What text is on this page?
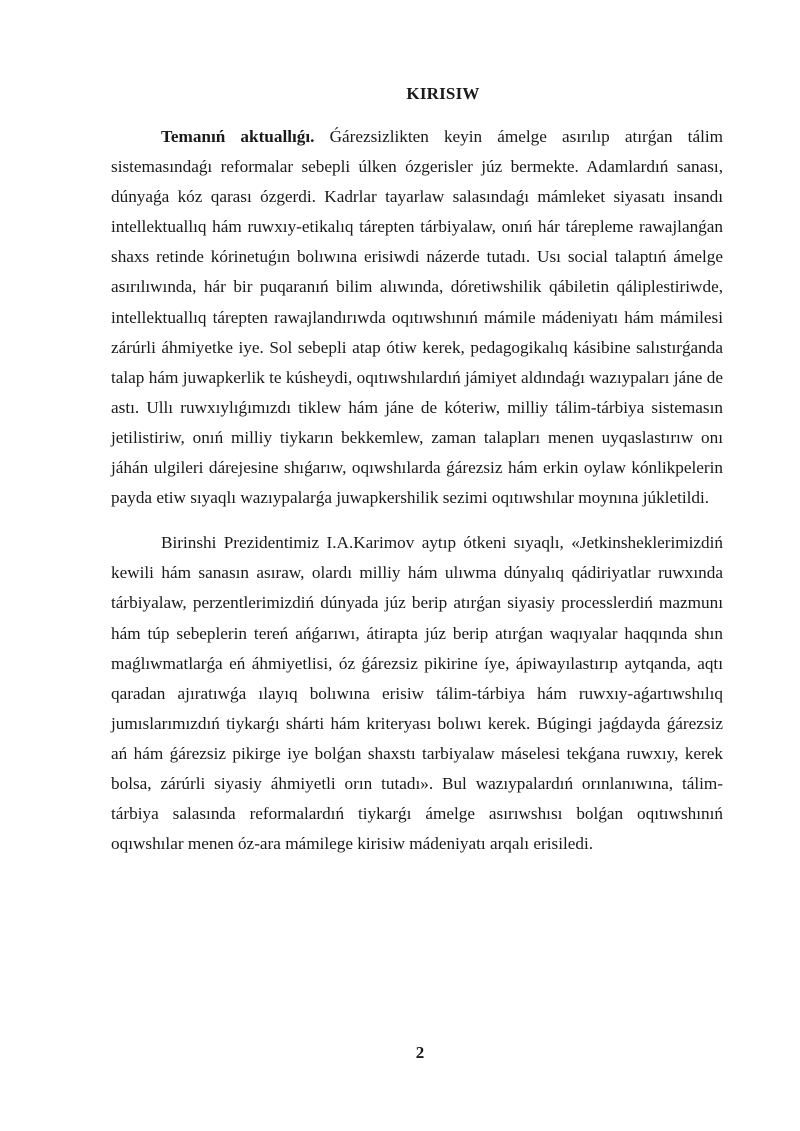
KIRISIW

Temanıń aktuallıǵı. Ǵárezsizlikten keyin ámelge asırılıp atırǵan tálim sistemasındaǵı reformalar sebepli úlken ózgerisler júz bermekte. Adamlardıń sanası, dúnyaǵa kóz qarası ózgerdi. Kadrlar tayarlaw salasındaǵı mámleket siyasatı insandı intellektuallıq hám ruwxıy-etikalıq tárepten tárbiyalaw, onıń hár tárepleme rawajlanǵan shaxs retinde kórinetuǵın bolıwına erisiwdi názerde tutadı. Usı social talaptıń ámelge asırılıwında, hár bir puqaranıń bilim alıwında, dóretiwshilik qábiletin qáliplestiriwde, intellektuallıq tárepten rawajlandırıwda oqıtıwshınıń mámile mádeniyatı hám mámilesi zárúrli áhmiyetke iye. Sol sebepli atap ótiw kerek, pedagogikalıq kásibine salıstırǵanda talap hám juwapkerlik te kúsheydi, oqıtıwshılardıń jámiyet aldındaǵı wazıypaları jáne de astı. Ullı ruwxıylıǵımızdı tiklew hám jáne de kóteriw, milliy tálim-tárbiya sistemasın jetilistiriw, onıń milliy tiykarın bekkemlew, zaman talapları menen uyqaslastırıw onı jáhán ulgileri dárejesine shıǵarıw, oqıwshılarda ǵárezsiz hám erkin oylaw kónlikpelerin payda etiw sıyaqlı wazıypalarǵa juwapkershilik sezimi oqıtıwshılar moynına júkletildi.

Birinshi Prezidentimiz I.A.Karimov aytıp ótkeni sıyaqlı, «Jetkinsheklerimizdiń kewili hám sanasın asıraw, olardı milliy hám ulıwma dúnyalıq qádiriyatlar ruwxında tárbiyalaw, perzentlerimizdiń dúnyada júz berip atırǵan siyasiy processlerdiń mazmunı hám túp sebeplerin tereń ańǵarıwı, átirapta júz berip atırǵan waqıyalar haqqında shın maǵlıwmatlarǵa eń áhmiyetlisi, óz ǵárezsiz pikirine íye, ápiwayılastırıp aytqanda, aqtı qaradan ajıratıwǵa ılayıq bolıwına erisiw tálim-tárbiya hám ruwxıy-aǵartıwshılıq jumıslarımızdıń tiykarǵı shárti hám kriteryası bolıwı kerek. Búgingi jaǵdayda ǵárezsiz ań hám ǵárezsiz pikirge iye bolǵan shaxstı tarbiyalaw máselesi tekǵana ruwxıy, kerek bolsa, zárúrli siyasiy áhmiyetli orın tutadı». Bul wazıypalardıń orınlanıwına, tálim-tárbiya salasında reformalardıń tiykarǵı ámelge asırıwshısı bolǵan oqıtıwshınıń oqıwshılar menen óz-ara mámilege kirisiw mádeniyatı arqalı erisiledi.

2
